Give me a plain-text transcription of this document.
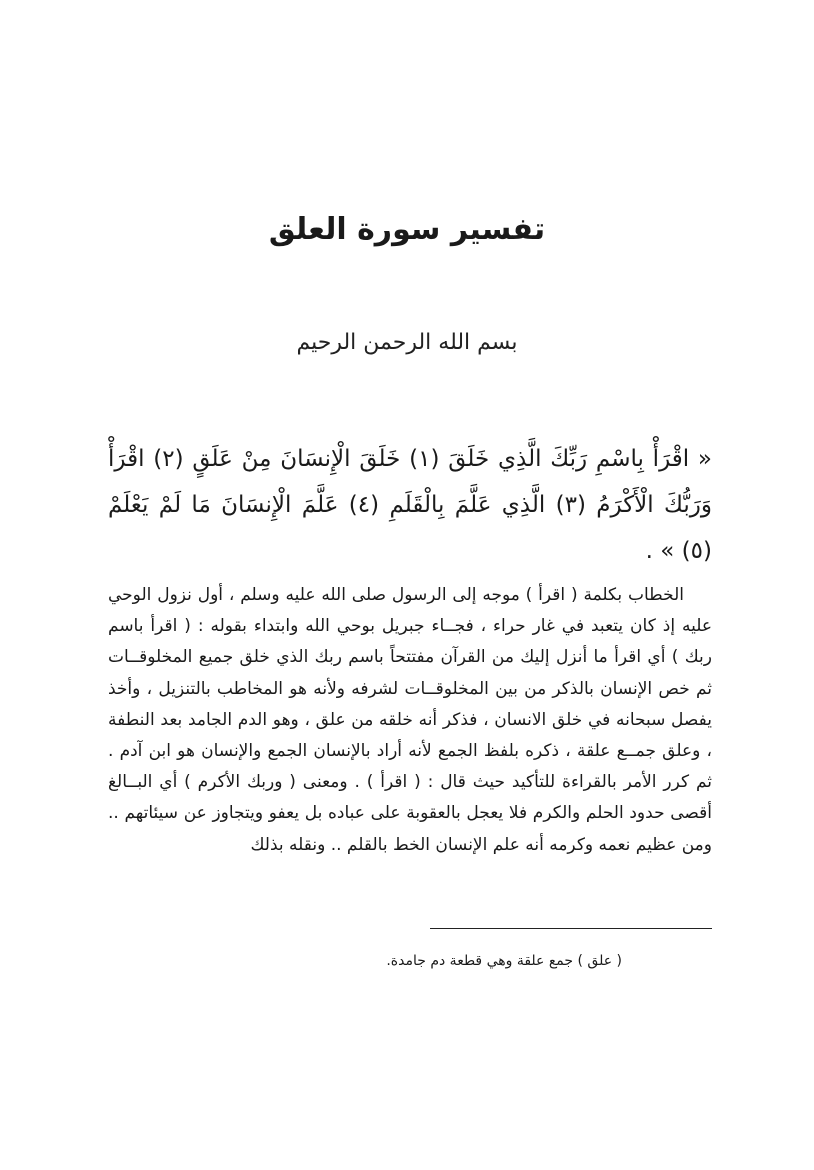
تفسير سورة العلق
بسم الله الرحمن الرحيم
« اقْرَأْ بِاسْمِ رَبِّكَ الَّذِي خَلَقَ (١) خَلَقَ الْإِنسَانَ مِنْ عَلَقٍ (٢) اقْرَأْ وَرَبُّكَ الْأَكْرَمُ (٣) الَّذِي عَلَّمَ بِالْقَلَمِ (٤) عَلَّمَ الْإِنسَانَ مَا لَمْ يَعْلَمْ (٥) » .

الخطاب بكلمة ( اقرأ ) موجه إلى الرسول صلى الله عليه وسلم ، أول نزول الوحي عليه إذ كان يتعبد في غار حراء ، فجــاء جبريل بوحي الله وابتداء بقوله : ( اقرأ باسم ربك ) أي اقرأ ما أنزل إليك من القرآن مفتتحاً باسم ربك الذي خلق جميع المخلوقــات ثم خص الإنسان بالذكر من بين المخلوقــات لشرفه ولأنه هو المخاطب بالتنزيل ، وأخذ يفصل سبحانه في خلق الانسان ، فذكر أنه خلقه من علق ، وهو الدم الجامد بعد النطفة ، وعلق جمــع علقة ، ذكره بلفظ الجمع لأنه أراد بالإنسان الجمع والإنسان هو ابن آدم . ثم كرر الأمر بالقراءة للتأكيد حيث قال : ( اقرأ ) . ومعنى ( وربك الأكرم ) أي البــالغ أقصى حدود الحلم والكرم فلا يعجل بالعقوبة على عباده بل يعفو ويتجاوز عن سيئاتهم .. ومن عظيم نعمه وكرمه أنه علم الإنسان الخط بالقلم .. ونقله بذلك

( علق ) جمع علقة وهي قطعة دم جامدة.
